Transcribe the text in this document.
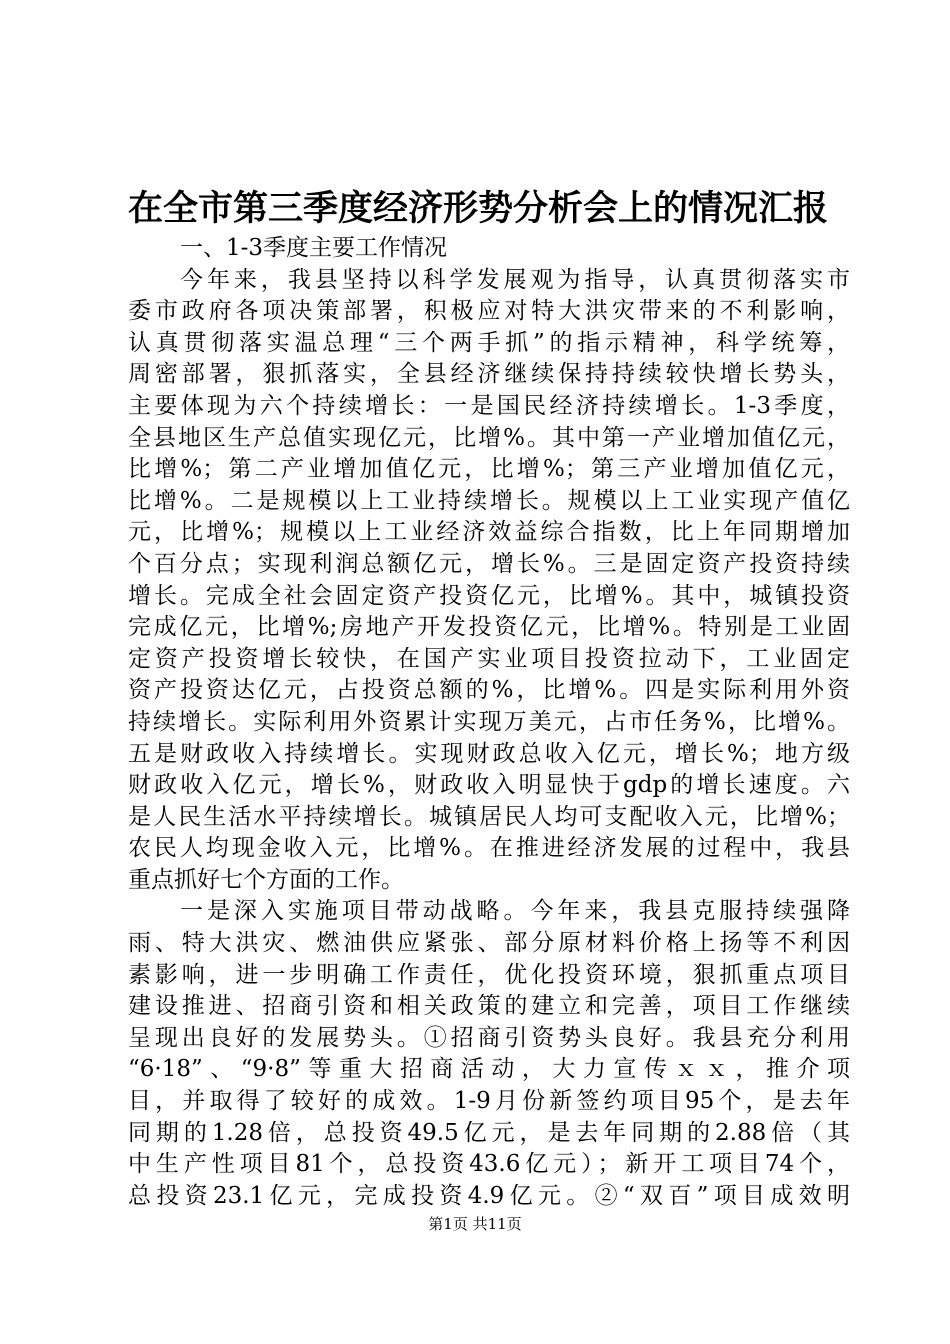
在全市第三季度经济形势分析会上的情况汇报
一、1-3季度主要工作情况
今年来，我县坚持以科学发展观为指导，认真贯彻落实市
委市政府各项决策部署，积极应对特大洪灾带来的不利影响，
认真贯彻落实温总理“三个两手抓”的指示精神，科学统筹，
周密部署，狠抓落实，全县经济继续保持持续较快增长势头，
主要体现为六个持续增长：一是国民经济持续增长。1-3季度，
全县地区生产总值实现亿元，比增%。其中第一产业增加值亿元，
比增%；第二产业增加值亿元，比增%；第三产业增加值亿元，
比增%。二是规模以上工业持续增长。规模以上工业实现产值亿
元，比增%；规模以上工业经济效益综合指数，比上年同期增加
个百分点；实现利润总额亿元，增长%。三是固定资产投资持续
增长。完成全社会固定资产投资亿元，比增%。其中，城镇投资
完成亿元，比增%;房地产开发投资亿元，比增%。特别是工业固
定资产投资增长较快，在国产实业项目投资拉动下，工业固定
资产投资达亿元，占投资总额的%，比增%。四是实际利用外资
持续增长。实际利用外资累计实现万美元，占市任务%，比增%。
五是财政收入持续增长。实现财政总收入亿元，增长%；地方级
财政收入亿元，增长%，财政收入明显快于gdp的增长速度。六
是人民生活水平持续增长。城镇居民人均可支配收入元，比增%；
农民人均现金收入元，比增%。在推进经济发展的过程中，我县
重点抓好七个方面的工作。
一是深入实施项目带动战略。今年来，我县克服持续强降
雨、特大洪灾、燃油供应紧张、部分原材料价格上扬等不利因
素影响，进一步明确工作责任，优化投资环境，狠抓重点项目
建设推进、招商引资和相关政策的建立和完善，项目工作继续
呈现出良好的发展势头。①招商引资势头良好。我县充分利用
“6·18”、“9·8”等重大招商活动，大力宣传ｘｘ，推介项
目，并取得了较好的成效。1-9月份新签约项目95个，是去年
同期的1.28倍，总投资49.5亿元，是去年同期的2.88倍（其
中生产性项目81个，总投资43.6亿元）；新开工项目74个，
总投资23.1亿元，完成投资4.9亿元。②“双百”项目成效明
第1页 共11页
